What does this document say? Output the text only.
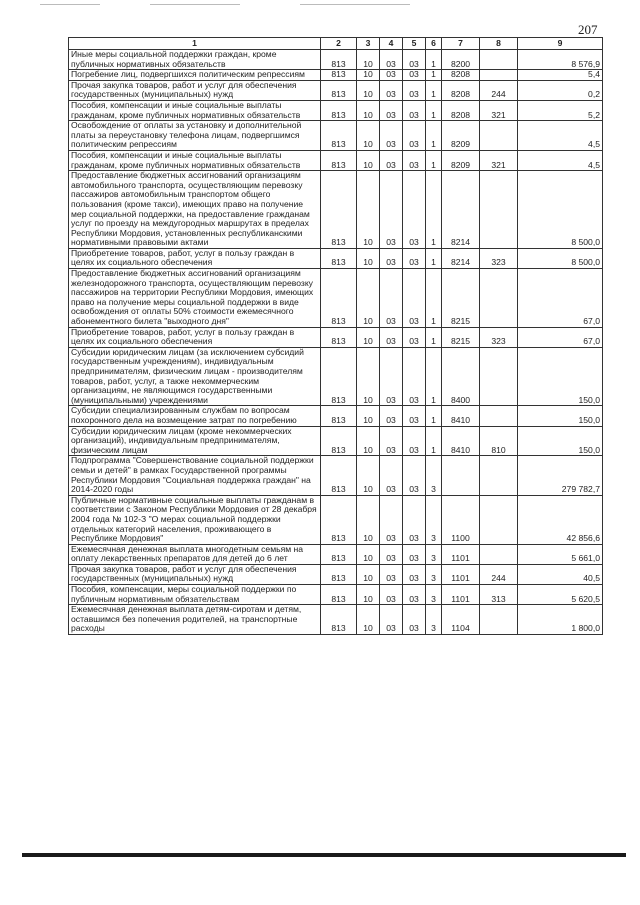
207
1	2	3	4	5	6	7	8	9
Иные меры социальной поддержки граждан, кроме публичных нормативных обязательств	813	10	03	03	1	8200		8 576,9
Погребение лиц, подвергшихся политическим репрессиям	813	10	03	03	1	8208		5,4
Прочая закупка товаров, работ и услуг для обеспечения государственных (муниципальных) нужд	813	10	03	03	1	8208	244	0,2
Пособия, компенсации и иные социальные выплаты гражданам, кроме публичных нормативных обязательств	813	10	03	03	1	8208	321	5,2
Освобождение от оплаты за установку и дополнительной платы за переустановку телефона лицам, подвергшимся политическим репрессиям	813	10	03	03	1	8209		4,5
Пособия, компенсации и иные социальные выплаты гражданам, кроме публичных нормативных обязательств	813	10	03	03	1	8209	321	4,5
Предоставление бюджетных ассигнований организациям автомобильного транспорта, осуществляющим перевозку пассажиров автомобильным транспортом общего пользования (кроме такси), имеющих право на получение мер социальной поддержки, на предоставление гражданам услуг по проезду на междугородных маршрутах в пределах Республики Мордовия, установленных республиканскими нормативными правовыми актами	813	10	03	03	1	8214		8 500,0
Приобретение товаров, работ, услуг в пользу граждан в целях их социального обеспечения	813	10	03	03	1	8214	323	8 500,0
Предоставление бюджетных ассигнований организациям железнодорожного транспорта, осуществляющим перевозку пассажиров на территории Республики Мордовия, имеющих право на получение меры социальной поддержки в виде освобождения от оплаты 50% стоимости ежемесячного абонементного билета "выходного дня"	813	10	03	03	1	8215		67,0
Приобретение товаров, работ, услуг в пользу граждан в целях их социального обеспечения	813	10	03	03	1	8215	323	67,0
Субсидии юридическим лицам (за исключением субсидий государственным учреждениям), индивидуальным предпринимателям, физическим лицам - производителям товаров, работ, услуг, а также некоммерческим организациям, не являющимся государственными (муниципальными) учреждениями	813	10	03	03	1	8400		150,0
Субсидии специализированным службам по вопросам похоронного дела на возмещение затрат по погребению	813	10	03	03	1	8410		150,0
Субсидии юридическим лицам (кроме некоммерческих организаций), индивидуальным предпринимателям, физическим лицам	813	10	03	03	1	8410	810	150,0
Подпрограмма "Совершенствование социальной поддержки семьи и детей" в рамках Государственной программы Республики Мордовия "Социальная поддержка граждан" на 2014-2020 годы	813	10	03	03	3			279 782,7
Публичные нормативные социальные выплаты гражданам в соответствии с Законом Республики Мордовия от 28 декабря 2004 года № 102-З "О мерах социальной поддержки отдельных категорий населения, проживающего в Республике Мордовия"	813	10	03	03	3	1100		42 856,6
Ежемесячная денежная выплата многодетным семьям на оплату лекарственных препаратов для детей до 6 лет	813	10	03	03	3	1101		5 661,0
Прочая закупка товаров, работ и услуг для обеспечения государственных (муниципальных) нужд	813	10	03	03	3	1101	244	40,5
Пособия, компенсации, меры социальной поддержки по публичным нормативным обязательствам	813	10	03	03	3	1101	313	5 620,5
Ежемесячная денежная выплата детям-сиротам и детям, оставшимся без попечения родителей, на транспортные расходы	813	10	03	03	3	1104		1 800,0
